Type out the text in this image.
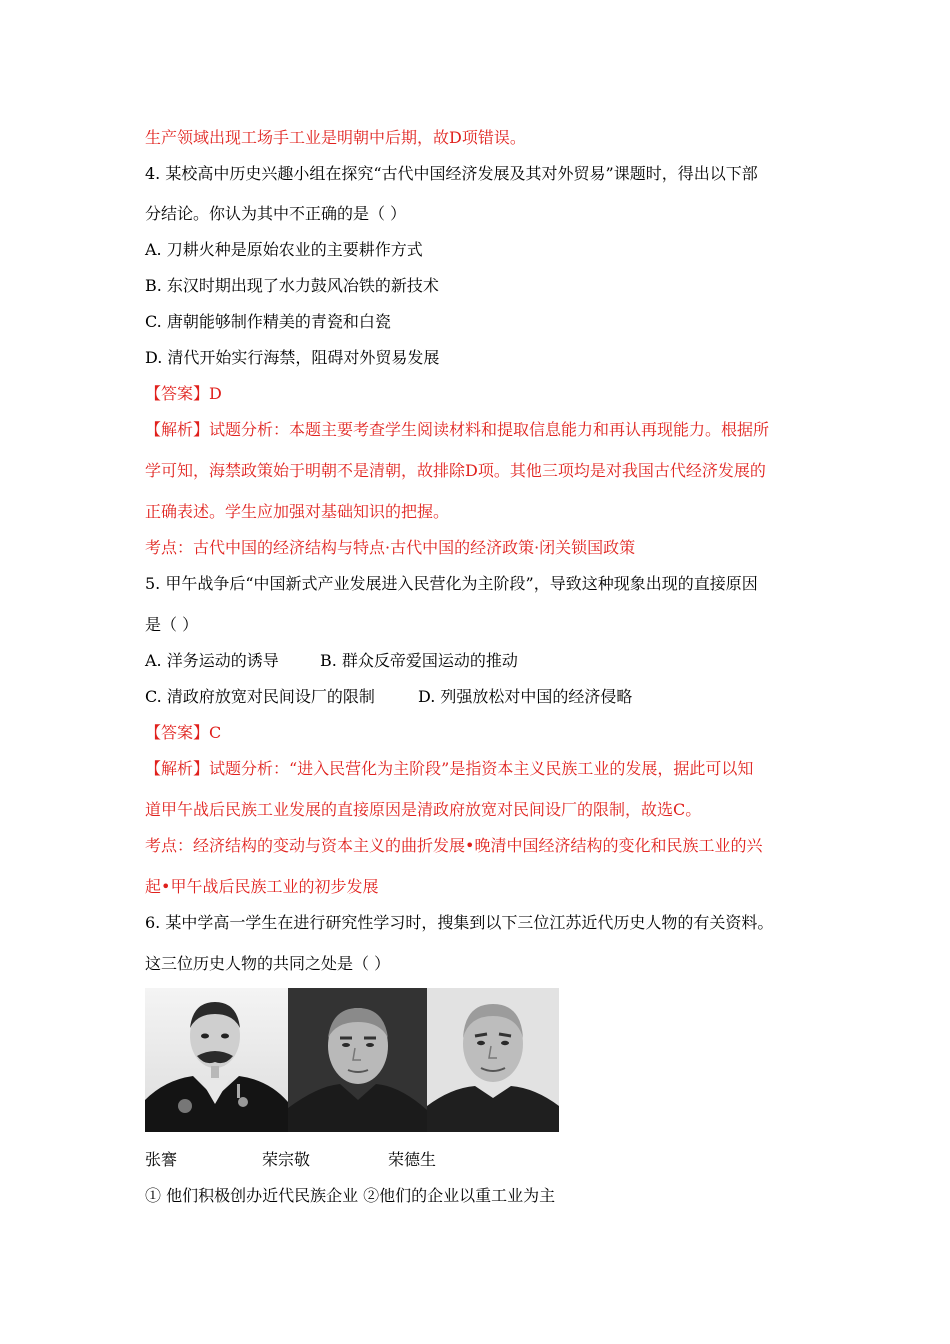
生产领域出现工场手工业是明朝中后期，故D项错误。
4. 某校高中历史兴趣小组在探究“古代中国经济发展及其对外贸易”课题时，得出以下部
分结论。你认为其中不正确的是（ ）
A. 刀耕火种是原始农业的主要耕作方式
B. 东汉时期出现了水力鼓风冶铁的新技术
C. 唐朝能够制作精美的青瓷和白瓷
D. 清代开始实行海禁，阻碍对外贸易发展
【答案】D
【解析】试题分析：本题主要考查学生阅读材料和提取信息能力和再认再现能力。根据所
学可知，海禁政策始于明朝不是清朝，故排除D项。其他三项均是对我国古代经济发展的
正确表述。学生应加强对基础知识的把握。
考点：古代中国的经济结构与特点·古代中国的经济政策·闭关锁国政策
5. 甲午战争后“中国新式产业发展进入民营化为主阶段”，导致这种现象出现的直接原因
是（ ）
A. 洋务运动的诱导	B. 群众反帝爱国运动的推动
C. 清政府放宽对民间设厂的限制	D. 列强放松对中国的经济侵略
【答案】C
【解析】试题分析：“进入民营化为主阶段”是指资本主义民族工业的发展，据此可以知
道甲午战后民族工业发展的直接原因是清政府放宽对民间设厂的限制，故选C。
考点：经济结构的变动与资本主义的曲折发展•晚清中国经济结构的变化和民族工业的兴
起•甲午战后民族工业的初步发展
6. 某中学高一学生在进行研究性学习时，搜集到以下三位江苏近代历史人物的有关资料。
这三位历史人物的共同之处是（ ）
张謇	荣宗敬	荣德生
① 他们积极创办近代民族企业 ②他们的企业以重工业为主
